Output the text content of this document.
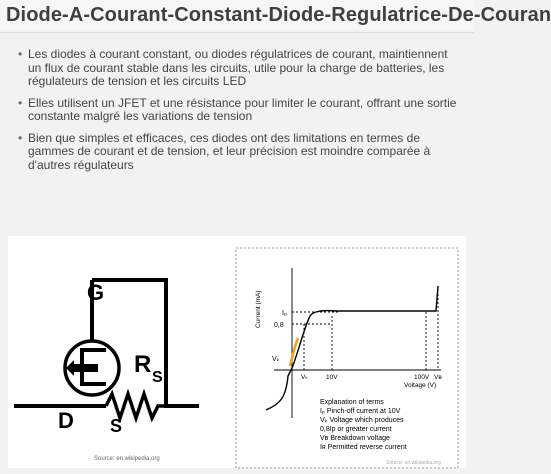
Diode-A-Courant-Constant-Diode-Regulatrice-De-Couran
• Les diodes à courant constant, ou diodes régulatrices de courant, maintiennent un flux de courant stable dans les circuits, utile pour la charge de batteries, les régulateurs de tension et les circuits LED
• Elles utilisent un JFET et une résistance pour limiter le courant, offrant une sortie constante malgré les variations de tension
• Bien que simples et efficaces, ces diodes ont des limitations en termes de gammes de courant et de tension, et leur précision est moindre comparée à d'autres régulateurs
G
D S
R S
Current (mA)	Iₚ
0,8
Vₖ
Vₖ	10V	100V Vʙ
Voltage (V)
Explanation of terms
Iₚ Pinch-off current at 10V
Vₖ Voltage which produces
0,8Ip or greater current
Vʙ Breakdown voltage
Iʀ Permitted reverse current
Source: en.wikipedia.org
Source: en.wikipedia.org
